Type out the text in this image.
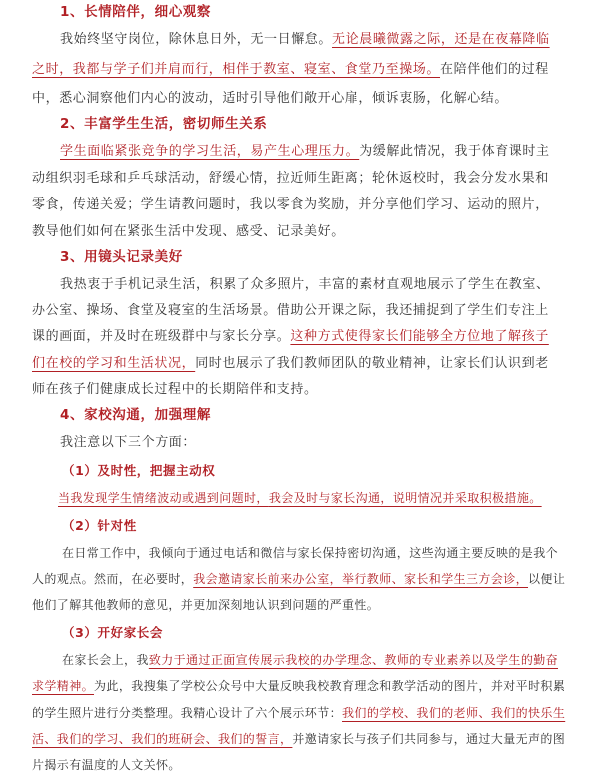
1、长情陪伴，细心观察
我始终坚守岗位，除休息日外，无一日懈怠。无论晨曦微露之际，还是在夜幕降临
之时，我都与学子们并肩而行，相伴于教室、寝室、食堂乃至操场。在陪伴他们的过程
中，悉心洞察他们内心的波动，适时引导他们敞开心扉，倾诉衷肠，化解心结。
2、丰富学生生活，密切师生关系
学生面临紧张竞争的学习生活，易产生心理压力。为缓解此情况，我于体育课时主
动组织羽毛球和乒乓球活动，舒缓心情，拉近师生距离；轮休返校时，我会分发水果和
零食，传递关爱；学生请教问题时，我以零食为奖励，并分享他们学习、运动的照片，
教导他们如何在紧张生活中发现、感受、记录美好。
3、用镜头记录美好
我热衷于手机记录生活，积累了众多照片，丰富的素材直观地展示了学生在教室、
办公室、操场、食堂及寝室的生活场景。借助公开课之际，我还捕捉到了学生们专注上
课的画面，并及时在班级群中与家长分享。这种方式使得家长们能够全方位地了解孩子
们在校的学习和生活状况，同时也展示了我们教师团队的敬业精神，让家长们认识到老
师在孩子们健康成长过程中的长期陪伴和支持。
4、家校沟通，加强理解
我注意以下三个方面：
（1）及时性，把握主动权
当我发现学生情绪波动或遇到问题时，我会及时与家长沟通，说明情况并采取积极措施。
（2）针对性
在日常工作中，我倾向于通过电话和微信与家长保持密切沟通，这些沟通主要反映的是我个
人的观点。然而，在必要时，我会邀请家长前来办公室，举行教师、家长和学生三方会诊，以便让
他们了解其他教师的意见，并更加深刻地认识到问题的严重性。
（3）开好家长会
在家长会上，我致力于通过正面宣传展示我校的办学理念、教师的专业素养以及学生的勤奋
求学精神。为此，我搜集了学校公众号中大量反映我校教育理念和教学活动的图片，并对平时积累
的学生照片进行分类整理。我精心设计了六个展示环节：我们的学校、我们的老师、我们的快乐生
活、我们的学习、我们的班研会、我们的誓言，并邀请家长与孩子们共同参与，通过大量无声的图
片揭示有温度的人文关怀。
